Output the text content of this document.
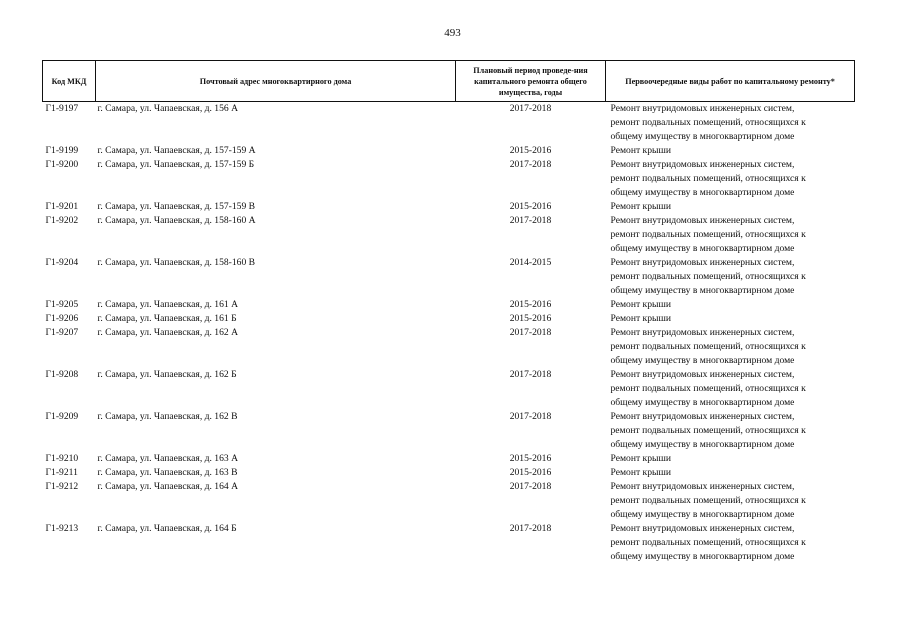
493
Код МКД	Почтовый адрес многоквартирного дома	Плановый период проведе-ния капитального ремонта общего имущества, годы	Первоочередные виды работ по капитальному ремонту*
Г1-9197	г. Самара, ул. Чапаевская, д. 156 А	2017-2018	Ремонт внутридомовых инженерных систем,
ремонт подвальных помещений, относящихся к
общему имуществу в многоквартирном доме

Г1-9199	г. Самара, ул. Чапаевская, д. 157-159 А	2015-2016	Ремонт крыши

Г1-9200	г. Самара, ул. Чапаевская, д. 157-159 Б	2017-2018	Ремонт внутридомовых инженерных систем,
ремонт подвальных помещений, относящихся к
общему имуществу в многоквартирном доме

Г1-9201	г. Самара, ул. Чапаевская, д. 157-159 В	2015-2016	Ремонт крыши

Г1-9202	г. Самара, ул. Чапаевская, д. 158-160 А	2017-2018	Ремонт внутридомовых инженерных систем,
ремонт подвальных помещений, относящихся к
общему имуществу в многоквартирном доме

Г1-9204	г. Самара, ул. Чапаевская, д. 158-160 В	2014-2015	Ремонт внутридомовых инженерных систем,
ремонт подвальных помещений, относящихся к
общему имуществу в многоквартирном доме

Г1-9205	г. Самара, ул. Чапаевская, д. 161 А	2015-2016	Ремонт крыши

Г1-9206	г. Самара, ул. Чапаевская, д. 161 Б	2015-2016	Ремонт крыши

Г1-9207	г. Самара, ул. Чапаевская, д. 162 А	2017-2018	Ремонт внутридомовых инженерных систем,
ремонт подвальных помещений, относящихся к
общему имуществу в многоквартирном доме

Г1-9208	г. Самара, ул. Чапаевская, д. 162 Б	2017-2018	Ремонт внутридомовых инженерных систем,
ремонт подвальных помещений, относящихся к
общему имуществу в многоквартирном доме

Г1-9209	г. Самара, ул. Чапаевская, д. 162 В	2017-2018	Ремонт внутридомовых инженерных систем,
ремонт подвальных помещений, относящихся к
общему имуществу в многоквартирном доме

Г1-9210	г. Самара, ул. Чапаевская, д. 163 А	2015-2016	Ремонт крыши

Г1-9211	г. Самара, ул. Чапаевская, д. 163 В	2015-2016	Ремонт крыши

Г1-9212	г. Самара, ул. Чапаевская, д. 164 А	2017-2018	Ремонт внутридомовых инженерных систем,
ремонт подвальных помещений, относящихся к
общему имуществу в многоквартирном доме

Г1-9213	г. Самара, ул. Чапаевская, д. 164 Б	2017-2018	Ремонт внутридомовых инженерных систем,
ремонт подвальных помещений, относящихся к
общему имуществу в многоквартирном доме
